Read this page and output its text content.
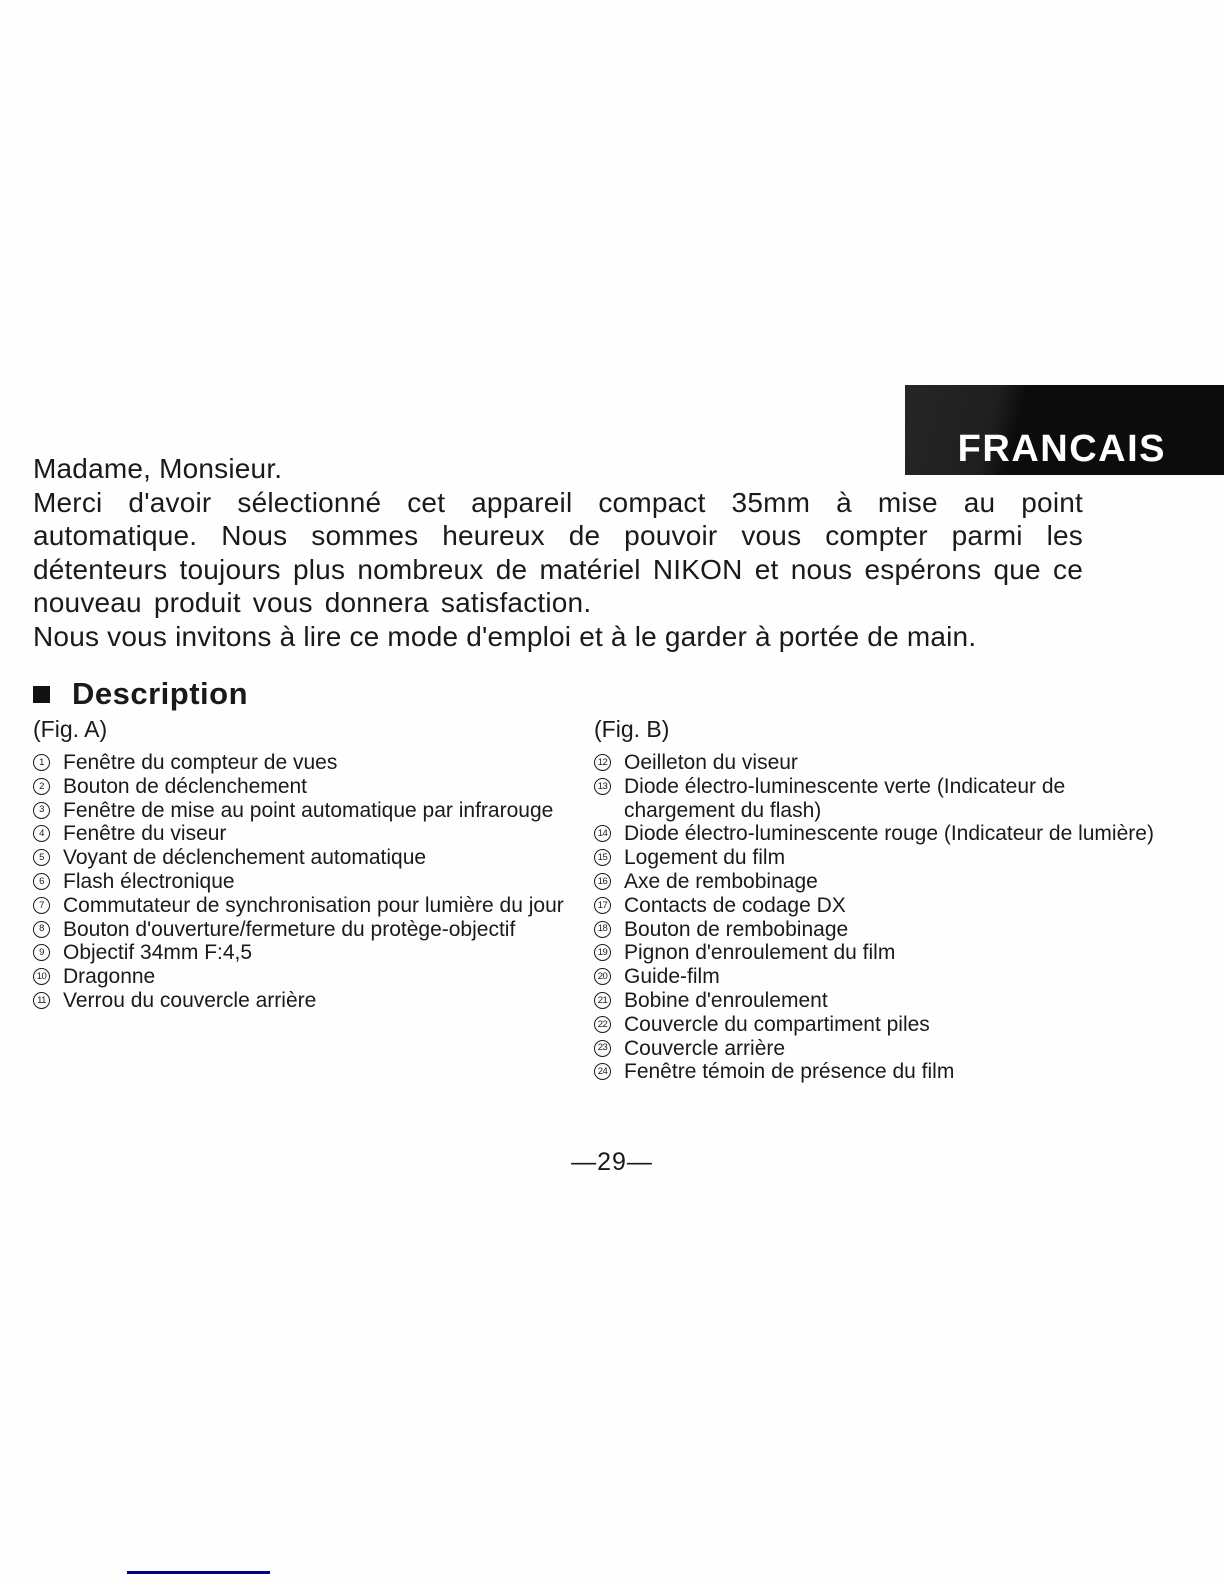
FRANCAIS

Madame, Monsieur.

Merci d'avoir sélectionné cet appareil compact 35mm à mise au point automatique. Nous sommes heureux de pouvoir vous compter parmi les détenteurs toujours plus nombreux de matériel NIKON et nous espérons que ce nouveau produit vous donnera satisfaction.

Nous vous invitons à lire ce mode d'emploi et à le garder à portée de main.

Description

(Fig. A)

1 Fenêtre du compteur de vues
2 Bouton de déclenchement
3 Fenêtre de mise au point automatique par infrarouge
4 Fenêtre du viseur
5 Voyant de déclenchement automatique
6 Flash électronique
7 Commutateur de synchronisation pour lumière du jour
8 Bouton d'ouverture/fermeture du protège-objectif
9 Objectif 34mm F:4,5
10 Dragonne
11 Verrou du couvercle arrière

(Fig. B)

12 Oeilleton du viseur
13 Diode électro-luminescente verte (Indicateur de chargement du flash)
14 Diode électro-luminescente rouge (Indicateur de lumière)
15 Logement du film
16 Axe de rembobinage
17 Contacts de codage DX
18 Bouton de rembobinage
19 Pignon d'enroulement du film
20 Guide-film
21 Bobine d'enroulement
22 Couvercle du compartiment piles
23 Couvercle arrière
24 Fenêtre témoin de présence du film
—29—
